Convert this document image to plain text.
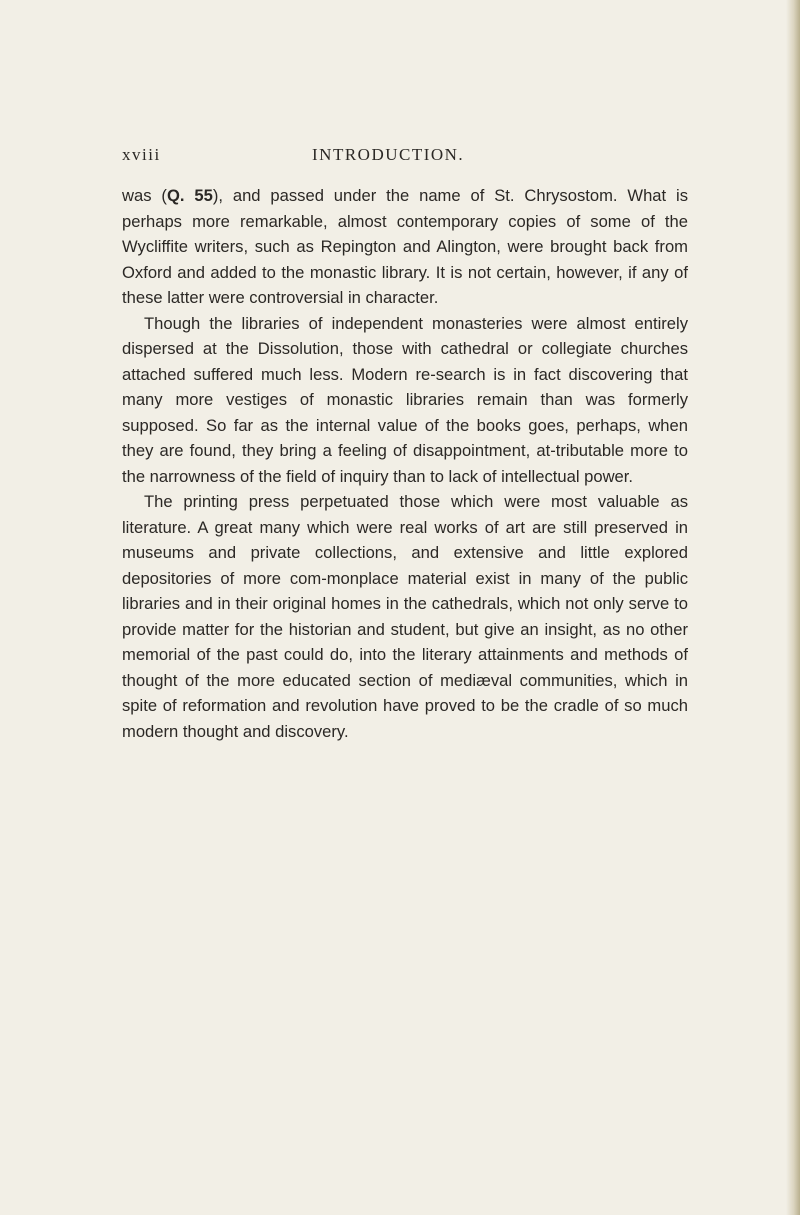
xviii	INTRODUCTION.

was (Q. 55), and passed under the name of St. Chrysostom. What is perhaps more remarkable, almost contemporary copies of some of the Wycliffite writers, such as Repington and Alington, were brought back from Oxford and added to the monastic library. It is not certain, however, if any of these latter were controversial in character.

Though the libraries of independent monasteries were almost entirely dispersed at the Dissolution, those with cathedral or collegiate churches attached suffered much less. Modern re-search is in fact discovering that many more vestiges of monastic libraries remain than was formerly supposed. So far as the internal value of the books goes, perhaps, when they are found, they bring a feeling of disappointment, at-tributable more to the narrowness of the field of inquiry than to lack of intellectual power.

The printing press perpetuated those which were most valuable as literature. A great many which were real works of art are still preserved in museums and private collections, and extensive and little explored depositories of more com-monplace material exist in many of the public libraries and in their original homes in the cathedrals, which not only serve to provide matter for the historian and student, but give an insight, as no other memorial of the past could do, into the literary attainments and methods of thought of the more educated section of mediæval communities, which in spite of reformation and revolution have proved to be the cradle of so much modern thought and discovery.
